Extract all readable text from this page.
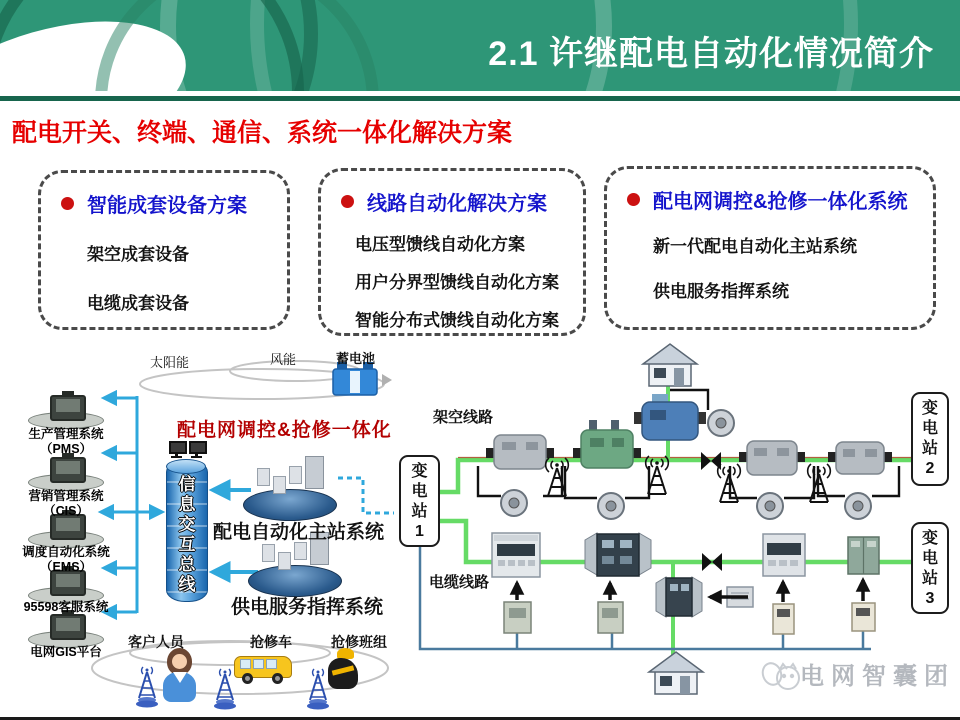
2.1 许继配电自动化情况简介
配电开关、终端、通信、系统一体化解决方案
智能成套设备方案
架空成套设备
电缆成套设备
线路自动化解决方案
电压型馈线自动化方案
用户分界型馈线自动化方案
智能分布式馈线自动化方案
配电网调控&抢修一体化系统
新一代配电自动化主站系统
供电服务指挥系统
太阳能	风能	蓄电池
配电网调控&抢修一体化
生产管理系统
（PMS）
营销管理系统
（CIS）
调度自动化系统
（EMS）
95598客服系统
电网GIS平台
信息交互总线
配电自动化主站系统
供电服务指挥系统
架空线路
电缆线路
变电站1
变电站2
变电站3
客户人员	抢修车	抢修班组
电网智囊团
